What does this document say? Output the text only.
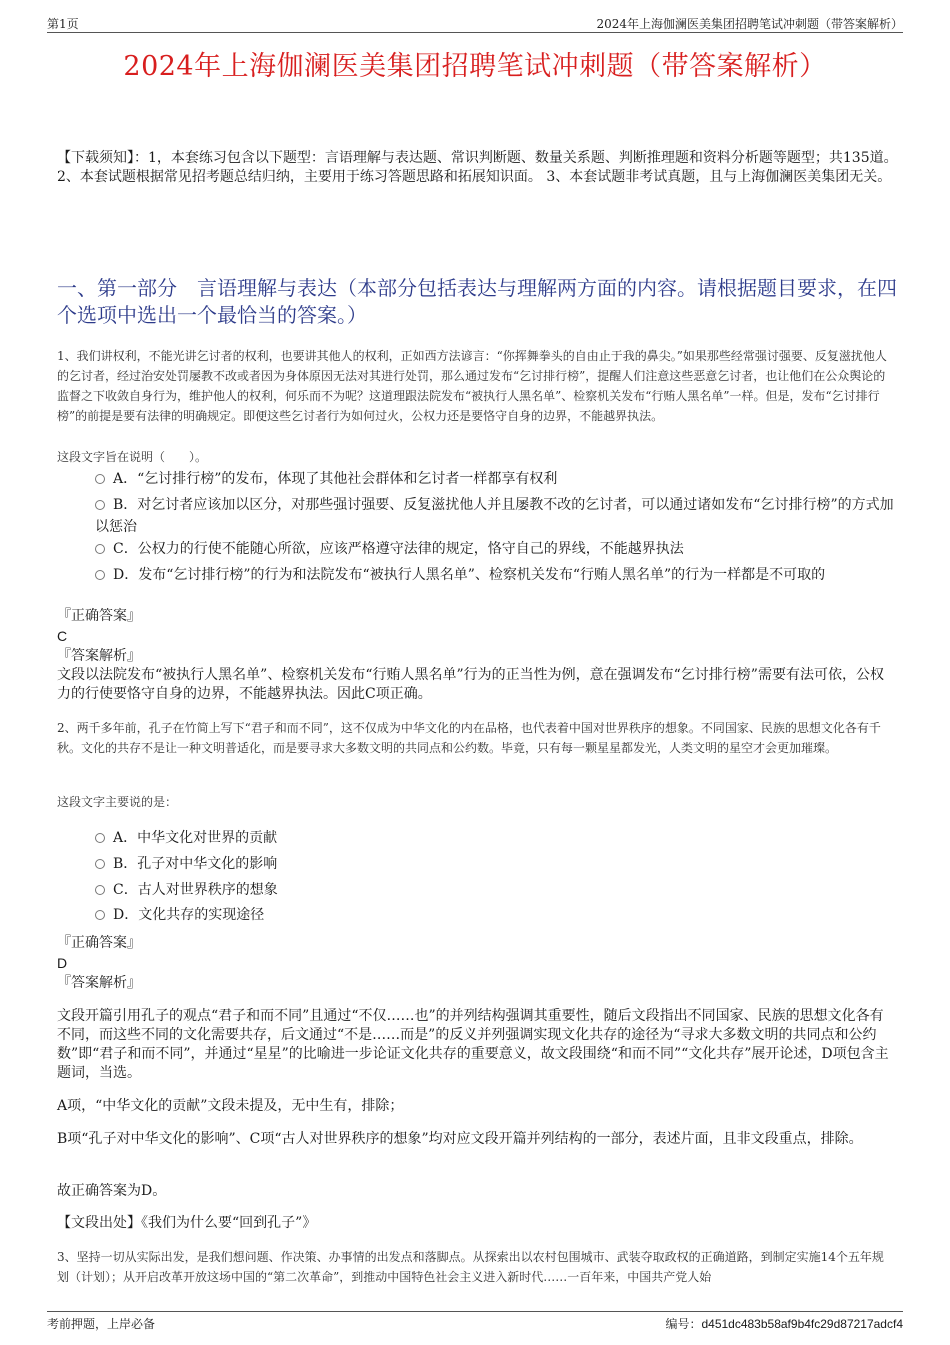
第1页	2024年上海伽澜医美集团招聘笔试冲刺题（带答案解析）
2024年上海伽澜医美集团招聘笔试冲刺题（带答案解析）
【下载须知】：1，本套练习包含以下题型：言语理解与表达题、常识判断题、数量关系题、判断推理题和资料分析题等题型；共135道。 2、本套试题根据常见招考题总结归纳，主要用于练习答题思路和拓展知识面。 3、本套试题非考试真题，且与上海伽澜医美集团无关。
一、第一部分　言语理解与表达（本部分包括表达与理解两方面的内容。请根据题目要求，在四个选项中选出一个最恰当的答案。）
1、我们讲权利，不能光讲乞讨者的权利，也要讲其他人的权利，正如西方法谚言：“你挥舞拳头的自由止于我的鼻尖。”如果那些经常强讨强要、反复滋扰他人的乞讨者，经过治安处罚屡教不改或者因为身体原因无法对其进行处罚，那么通过发布“乞讨排行榜”，提醒人们注意这些恶意乞讨者，也让他们在公众舆论的监督之下收敛自身行为，维护他人的权利，何乐而不为呢？这道理跟法院发布“被执行人黑名单”、检察机关发布“行贿人黑名单”一样。但是，发布“乞讨排行榜”的前提是要有法律的明确规定。即便这些乞讨者行为如何过火，公权力还是要恪守自身的边界，不能越界执法。
这段文字旨在说明（　　）。
A．“乞讨排行榜”的发布，体现了其他社会群体和乞讨者一样都享有权利
B．对乞讨者应该加以区分，对那些强讨强要、反复滋扰他人并且屡教不改的乞讨者，可以通过诸如发布“乞讨排行榜”的方式加以惩治
C．公权力的行使不能随心所欲，应该严格遵守法律的规定，恪守自己的界线，不能越界执法
D．发布“乞讨排行榜”的行为和法院发布“被执行人黑名单”、检察机关发布“行贿人黑名单”的行为一样都是不可取的
『正确答案』
C
『答案解析』
文段以法院发布“被执行人黑名单”、检察机关发布“行贿人黑名单”行为的正当性为例，意在强调发布“乞讨排行榜”需要有法可依，公权力的行使要恪守自身的边界，不能越界执法。因此C项正确。
2、两千多年前，孔子在竹简上写下“君子和而不同”，这不仅成为中华文化的内在品格，也代表着中国对世界秩序的想象。不同国家、民族的思想文化各有千秋。文化的共存不是让一种文明普适化，而是要寻求大多数文明的共同点和公约数。毕竟，只有每一颗星星都发光，人类文明的星空才会更加璀璨。
这段文字主要说的是：
A．中华文化对世界的贡献
B．孔子对中华文化的影响
C．古人对世界秩序的想象
D．文化共存的实现途径
『正确答案』
D
『答案解析』
文段开篇引用孔子的观点“君子和而不同”且通过“不仅……也”的并列结构强调其重要性，随后文段指出不同国家、民族的思想文化各有不同，而这些不同的文化需要共存，后文通过“不是……而是”的反义并列强调实现文化共存的途径为“寻求大多数文明的共同点和公约数”即“君子和而不同”，并通过“星星”的比喻进一步论证文化共存的重要意义，故文段围绕“和而不同”“文化共存”展开论述，D项包含主题词，当选。
A项，“中华文化的贡献”文段未提及，无中生有，排除；
B项“孔子对中华文化的影响”、C项“古人对世界秩序的想象”均对应文段开篇并列结构的一部分，表述片面，且非文段重点，排除。
故正确答案为D。
【文段出处】《我们为什么要“回到孔子”》
3、坚持一切从实际出发，是我们想问题、作决策、办事情的出发点和落脚点。从探索出以农村包围城市、武装夺取政权的正确道路，到制定实施14个五年规划（计划）；从开启改革开放这场中国的“第二次革命”，到推动中国特色社会主义进入新时代……一百年来，中国共产党人始
考前押题，上岸必备	编号：d451dc483b58af9b4fc29d87217adcf4
